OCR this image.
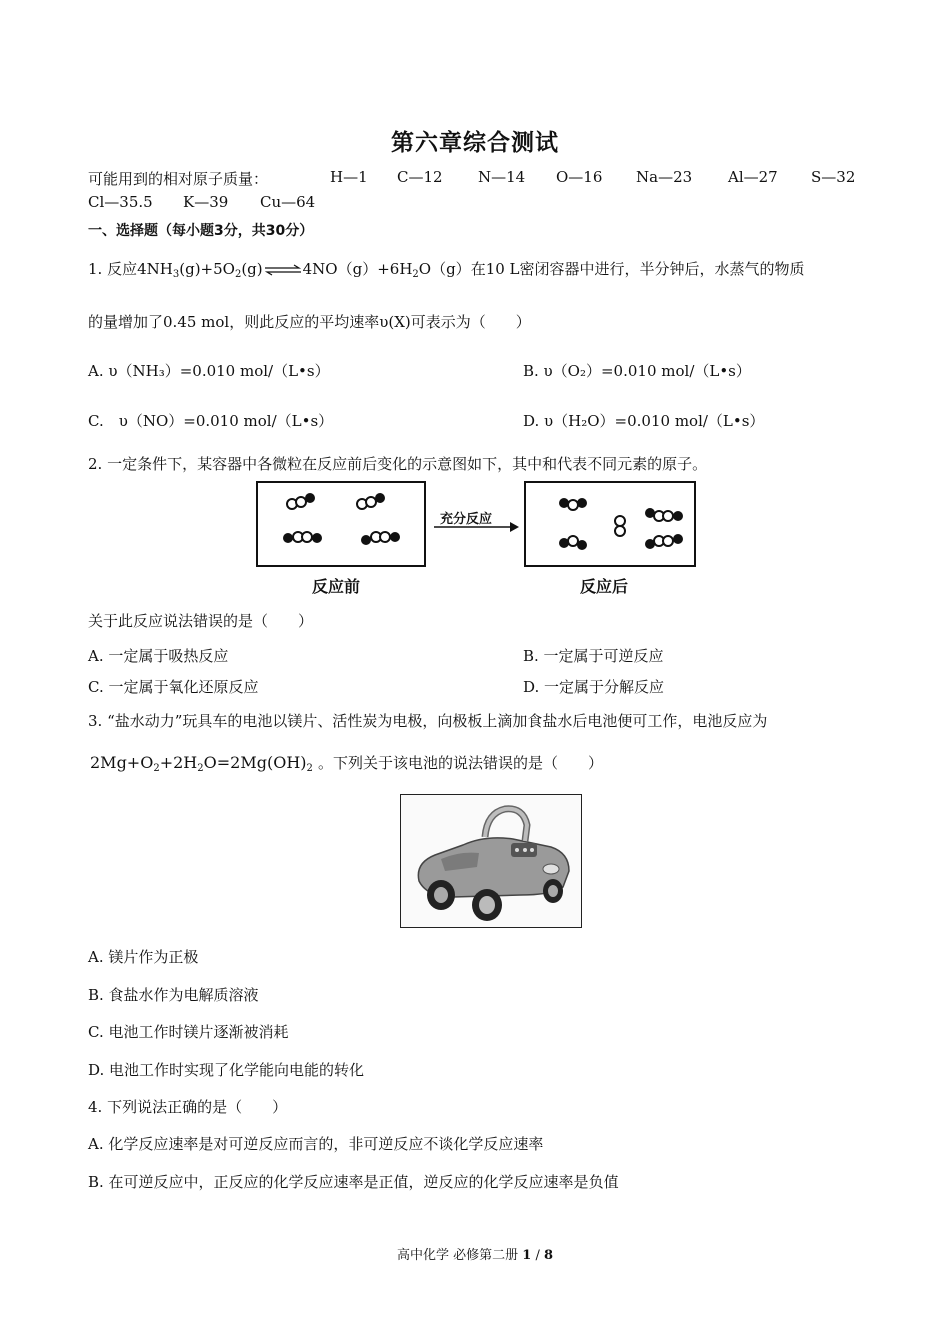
第六章综合测试
可能用到的相对原子质量：	H—1 C—12 N—14 O—16 Na—23 Al—27 S—32
Cl—35.5 K—39 Cu—64
一、选择题（每小题3分，共30分）
1. 反应$4NH_3(g)+5O_2(g)\rightleftharpoons 4NO(g)+6H_2O(g)$在10 L密闭容器中进行，半分钟后，水蒸气的物质
的量增加了0.45 mol，则此反应的平均速率υ(X)可表示为（　　）
A. υ（NH₃）=0.010 mol/（L•s）	B. υ（O₂）=0.010 mol/（L•s）
C.　υ（NO）=0.010 mol/（L•s）	D. υ（H₂O）=0.010 mol/（L•s）
2. 一定条件下，某容器中各微粒在反应前后变化的示意图如下，其中和代表不同元素的原子。
充分反应
反应前	反应后
关于此反应说法错误的是（　　）
A. 一定属于吸热反应	B. 一定属于可逆反应
C. 一定属于氧化还原反应	D. 一定属于分解反应
3. “盐水动力”玩具车的电池以镁片、活性炭为电极，向极板上滴加食盐水后电池便可工作，电池反应为
$2Mg+O_2+2H_2O=2Mg(OH)_2$ 。下列关于该电池的说法错误的是（　　）
A. 镁片作为正极
B. 食盐水作为电解质溶液
C. 电池工作时镁片逐渐被消耗
D. 电池工作时实现了化学能向电能的转化
4. 下列说法正确的是（　　）
A. 化学反应速率是对可逆反应而言的，非可逆反应不谈化学反应速率
B. 在可逆反应中，正反应的化学反应速率是正值，逆反应的化学反应速率是负值
高中化学 必修第二册 1 / 8
